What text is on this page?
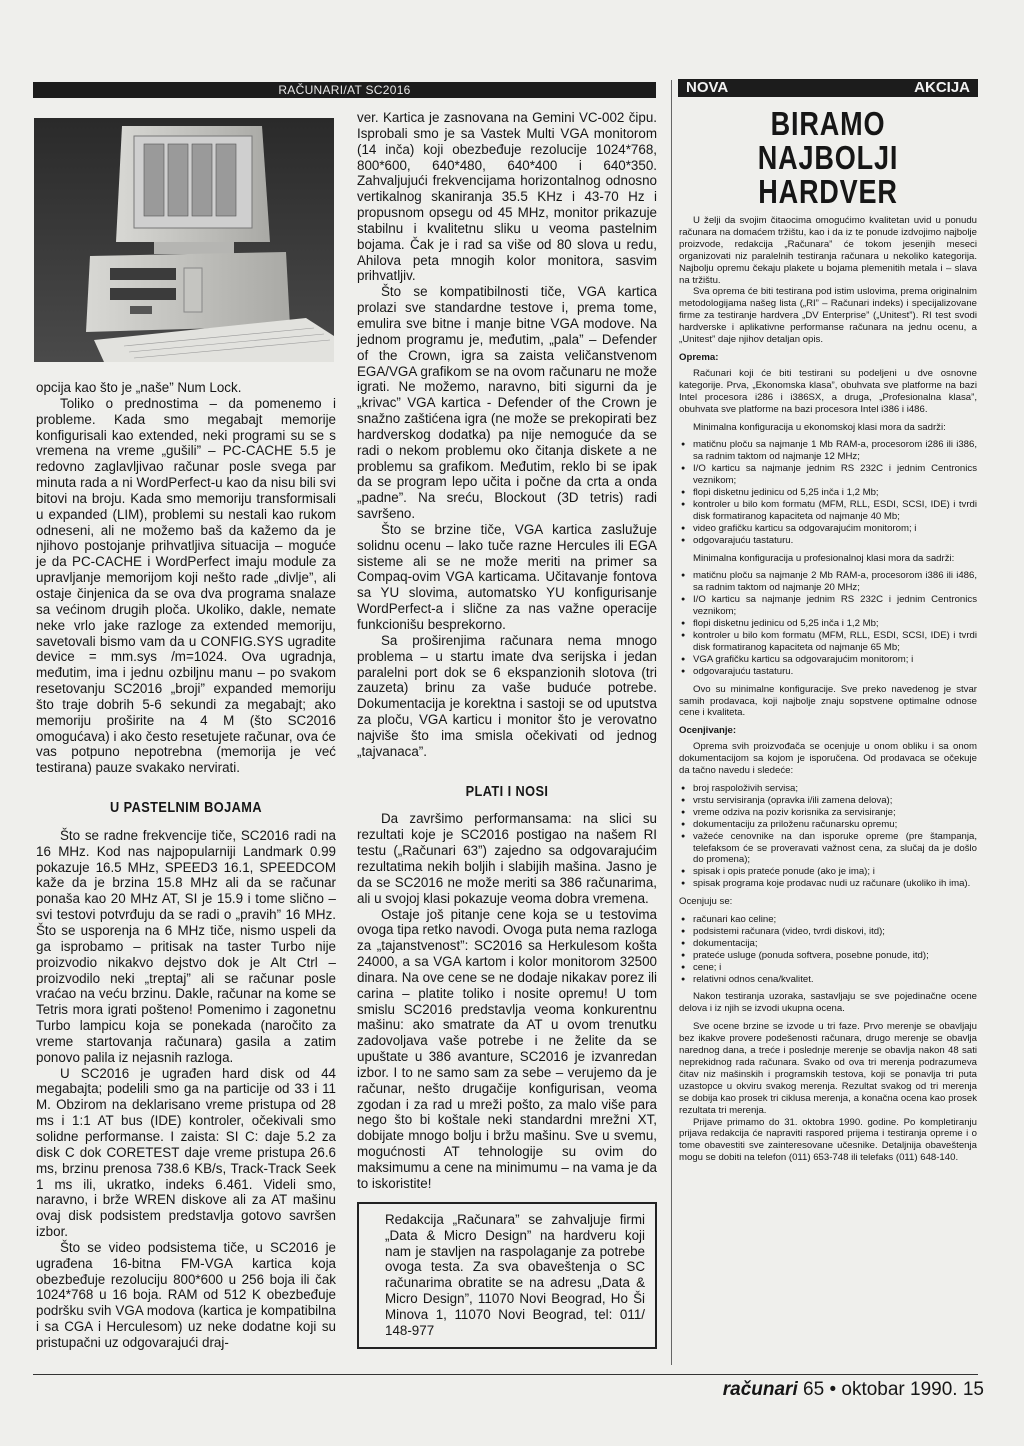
RAČUNARI/AT SC2016	NOVA	AKCIJA

opcija kao što je „naše” Num Lock.

Toliko o prednostima – da pomenemo i probleme. Kada smo megabajt memorije konfigurisali kao extended, neki programi su se s vremena na vreme „gušili” – PC-CACHE 5.5 je redovno zaglavljivao računar posle svega par minuta rada a ni WordPerfect-u kao da nisu bili svi bitovi na broju. Kada smo memoriju transformisali u expanded (LIM), problemi su nestali kao rukom odneseni, ali ne možemo baš da kažemo da je njihovo postojanje prihvatljiva situacija – moguće je da PC-CACHE i WordPerfect imaju module za upravljanje memorijom koji nešto rade „divlje”, ali ostaje činjenica da se ova dva programa snalaze sa većinom drugih ploča. Ukoliko, dakle, nemate neke vrlo jake razloge za extended memoriju, savetovali bismo vam da u CONFIG.SYS ugradite device = mm.sys /m=1024. Ova ugradnja, međutim, ima i jednu ozbiljnu manu – po svakom resetovanju SC2016 „broji” expanded memoriju što traje dobrih 5-6 sekundi za megabajt; ako memoriju proširite na 4 M (što SC2016 omogućava) i ako često resetujete računar, ova će vas potpuno nepotrebna (memorija je već testirana) pauze svakako nervirati.

U PASTELNIM BOJAMA

Što se radne frekvencije tiče, SC2016 radi na 16 MHz. Kod nas najpopularniji Landmark 0.99 pokazuje 16.5 MHz, SPEED3 16.1, SPEEDCOM kaže da je brzina 15.8 MHz ali da se računar ponaša kao 20 MHz AT, SI je 15.9 i tome slično – svi testovi potvrđuju da se radi o „pravih” 16 MHz. Što se usporenja na 6 MHz tiče, nismo uspeli da ga isprobamo – pritisak na taster Turbo nije proizvodio nikakvo dejstvo dok je Alt Ctrl – proizvodilo neki „treptaj” ali se računar posle vraćao na veću brzinu. Dakle, računar na kome se Tetris mora igrati pošteno! Pomenimo i zagonetnu Turbo lampicu koja se ponekada (naročito za vreme startovanja računara) gasila a zatim ponovo palila iz nejasnih razloga.

U SC2016 je ugrađen hard disk od 44 megabajta; podelili smo ga na particije od 33 i 11 M. Obzirom na deklarisano vreme pristupa od 28 ms i 1:1 AT bus (IDE) kontroler, očekivali smo solidne performanse. I zaista: SI C: daje 5.2 za disk C dok CORETEST daje vreme pristupa 26.6 ms, brzinu prenosa 738.6 KB/s, Track-Track Seek 1 ms ili, ukratko, indeks 6.461. Videli smo, naravno, i brže WREN diskove ali za AT mašinu ovaj disk podsistem predstavlja gotovo savršen izbor.

Što se video podsistema tiče, u SC2016 je ugrađena 16-bitna FM-VGA kartica koja obezbeđuje rezoluciju 800*600 u 256 boja ili čak 1024*768 u 16 boja. RAM od 512 K obezbeđuje podršku svih VGA modova (kartica je kompatibilna i sa CGA i Herculesom) uz neke dodatne koji su pristupačni uz odgovarajući draj-

ver. Kartica je zasnovana na Gemini VC-002 čipu. Isprobali smo je sa Vastek Multi VGA monitorom (14 inča) koji obezbeđuje rezolucije 1024*768, 800*600, 640*480, 640*400 i 640*350. Zahvaljujući frekvencijama horizontalnog odnosno vertikalnog skaniranja 35.5 KHz i 43-70 Hz i propusnom opsegu od 45 MHz, monitor prikazuje stabilnu i kvalitetnu sliku u veoma pastelnim bojama. Čak je i rad sa više od 80 slova u redu, Ahilova peta mnogih kolor monitora, sasvim prihvatljiv.

Što se kompatibilnosti tiče, VGA kartica prolazi sve standardne testove i, prema tome, emulira sve bitne i manje bitne VGA modove. Na jednom programu je, međutim, „pala” – Defender of the Crown, igra sa zaista veličanstvenom EGA/VGA grafikom se na ovom računaru ne može igrati. Ne možemo, naravno, biti sigurni da je „krivac” VGA kartica - Defender of the Crown je snažno zaštićena igra (ne može se prekopirati bez hardverskog dodatka) pa nije nemoguće da se radi o nekom problemu oko čitanja diskete a ne problemu sa grafikom. Međutim, reklo bi se ipak da se program lepo učita i počne da crta a onda „padne”. Na sreću, Blockout (3D tetris) radi savršeno.

Što se brzine tiče, VGA kartica zaslužuje solidnu ocenu – lako tuče razne Hercules ili EGA sisteme ali se ne može meriti na primer sa Compaq-ovim VGA karticama. Učitavanje fontova sa YU slovima, automatsko YU konfigurisanje WordPerfect-a i slične za nas važne operacije funkcionišu besprekorno.

Sa proširenjima računara nema mnogo problema – u startu imate dva serijska i jedan paralelni port dok se 6 ekspanzionih slotova (tri zauzeta) brinu za vaše buduće potrebe. Dokumentacija je korektna i sastoji se od uputstva za ploču, VGA karticu i monitor što je verovatno najviše što ima smisla očekivati od jednog „tajvanaca”.

PLATI I NOSI

Da završimo performansama: na slici su rezultati koje je SC2016 postigao na našem RI testu („Računari 63”) zajedno sa odgovarajućim rezultatima nekih boljih i slabijih mašina. Jasno je da se SC2016 ne može meriti sa 386 računarima, ali u svojoj klasi pokazuje veoma dobra vremena.

Ostaje još pitanje cene koja se u testovima ovoga tipa retko navodi. Ovoga puta nema razloga za „tajanstvenost”: SC2016 sa Herkulesom košta 24000, a sa VGA kartom i kolor monitorom 32500 dinara. Na ove cene se ne dodaje nikakav porez ili carina – platite toliko i nosite opremu! U tom smislu SC2016 predstavlja veoma konkurentnu mašinu: ako smatrate da AT u ovom trenutku zadovoljava vaše potrebe i ne želite da se upuštate u 386 avanture, SC2016 je izvanredan izbor. I to ne samo sam za sebe – verujemo da je računar, nešto drugačije konfigurisan, veoma zgodan i za rad u mreži pošto, za malo više para nego što bi koštale neki standardni mrežni XT, dobijate mnogo bolju i bržu mašinu. Sve u svemu, mogućnosti AT tehnologije su ovim do maksimumu a cene na minimumu – na vama je da to iskoristite!

Redakcija „Računara” se zahvaljuje firmi „Data & Micro Design” na hardveru koji nam je stavljen na raspolaganje za potrebe ovoga testa. Za sva obaveštenja o SC računarima obratite se na adresu „Data & Micro Design”, 11070 Novi Beograd, Ho Ši Minova 1, 11070 Novi Beograd, tel: 011/ 148-977

BIRAMO NAJBOLJI HARDVER

U želji da svojim čitaocima omogućimo kvalitetan uvid u ponudu računara na domaćem tržištu, kao i da iz te ponude izdvojimo najbolje proizvode, redakcija „Računara” će tokom jesenjih meseci organizovati niz paralelnih testiranja računara u nekoliko kategorija. Najbolju opremu čekaju plakete u bojama plemenitih metala i – slava na tržištu.

Sva oprema će biti testirana pod istim uslovima, prema originalnim metodologijama našeg lista („RI” – Računari indeks) i specijalizovane firme za testiranje hardvera „DV Enterprise” („Unitest”). RI test svodi hardverske i aplikativne performanse računara na jednu ocenu, a „Unitest” daje njihov detaljan opis.

Oprema:

Računari koji će biti testirani su podeljeni u dve osnovne kategorije. Prva, „Ekonomska klasa”, obuhvata sve platforme na bazi Intel procesora i286 i i386SX, a druga, „Profesionalna klasa”, obuhvata sve platforme na bazi procesora Intel i386 i i486.

Minimalna konfiguracija u ekonomskoj klasi mora da sadrži:

● matičnu ploču sa najmanje 1 Mb RAM-a, procesorom i286 ili i386, sa radnim taktom od najmanje 12 MHz;
● I/O karticu sa najmanje jednim RS 232C i jednim Centronics veznikom;
● flopi disketnu jedinicu od 5,25 inča i 1,2 Mb;
● kontroler u bilo kom formatu (MFM, RLL, ESDI, SCSI, IDE) i tvrdi disk formatiranog kapaciteta od najmanje 40 Mb;
● video grafičku karticu sa odgovarajućim monitorom; i
● odgovarajuću tastaturu.

Minimalna konfiguracija u profesionalnoj klasi mora da sadrži:

● matičnu ploču sa najmanje 2 Mb RAM-a, procesorom i386 ili i486, sa radnim taktom od najmanje 20 MHz;
● I/O karticu sa najmanje jednim RS 232C i jednim Centronics veznikom;
● flopi disketnu jedinicu od 5,25 inča i 1,2 Mb;
● kontroler u bilo kom formatu (MFM, RLL, ESDI, SCSI, IDE) i tvrdi disk formatiranog kapaciteta od najmanje 65 Mb;
● VGA grafičku karticu sa odgovarajućim monitorom; i
● odgovarajuću tastaturu.

Ovo su minimalne konfiguracije. Sve preko navedenog je stvar samih prodavaca, koji najbolje znaju sopstvene optimalne odnose cene i kvaliteta.

Ocenjivanje:

Oprema svih proizvođača se ocenjuje u onom obliku i sa onom dokumentacijom sa kojom je isporučena. Od prodavaca se očekuje da tačno navedu i sledeće:

● broj raspoloživih servisa;
● vrstu servisiranja (opravka i/ili zamena delova);
● vreme odziva na poziv korisnika za servisiranje;
● dokumentaciju za priloženu računarsku opremu;
● važeće cenovnike na dan isporuke opreme (pre štampanja, telefaksom će se proveravati važnost cena, za slučaj da je došlo do promena);
● spisak i opis prateće ponude (ako je ima); i
● spisak programa koje prodavac nudi uz računare (ukoliko ih ima).

Ocenjuju se:

● računari kao celine;
● podsistemi računara (video, tvrdi diskovi, itd);
● dokumentacija;
● prateće usluge (ponuda softvera, posebne ponude, itd);
● cene; i
● relativni odnos cena/kvalitet.

Nakon testiranja uzoraka, sastavljaju se sve pojedinačne ocene delova i iz njih se izvodi ukupna ocena.

Sve ocene brzine se izvode u tri faze. Prvo merenje se obavljaju bez ikakve provere podešenosti računara, drugo merenje se obavlja narednog dana, a treće i poslednje merenje se obavlja nakon 48 sati neprekidnog rada računara. Svako od ova tri merenja podrazumeva čitav niz mašinskih i programskih testova, koji se ponavlja tri puta uzastopce u okviru svakog merenja. Rezultat svakog od tri merenja se dobija kao prosek tri ciklusa merenja, a konačna ocena kao prosek rezultata tri merenja.

Prijave primamo do 31. oktobra 1990. godine. Po kompletiranju prijava redakcija će napraviti raspored prijema i testiranja opreme i o tome obavestiti sve zainteresovane učesnike. Detaljnija obaveštenja mogu se dobiti na telefon (011) 653-748 ili telefaks (011) 648-140.

računari 65 • oktobar 1990. 15
